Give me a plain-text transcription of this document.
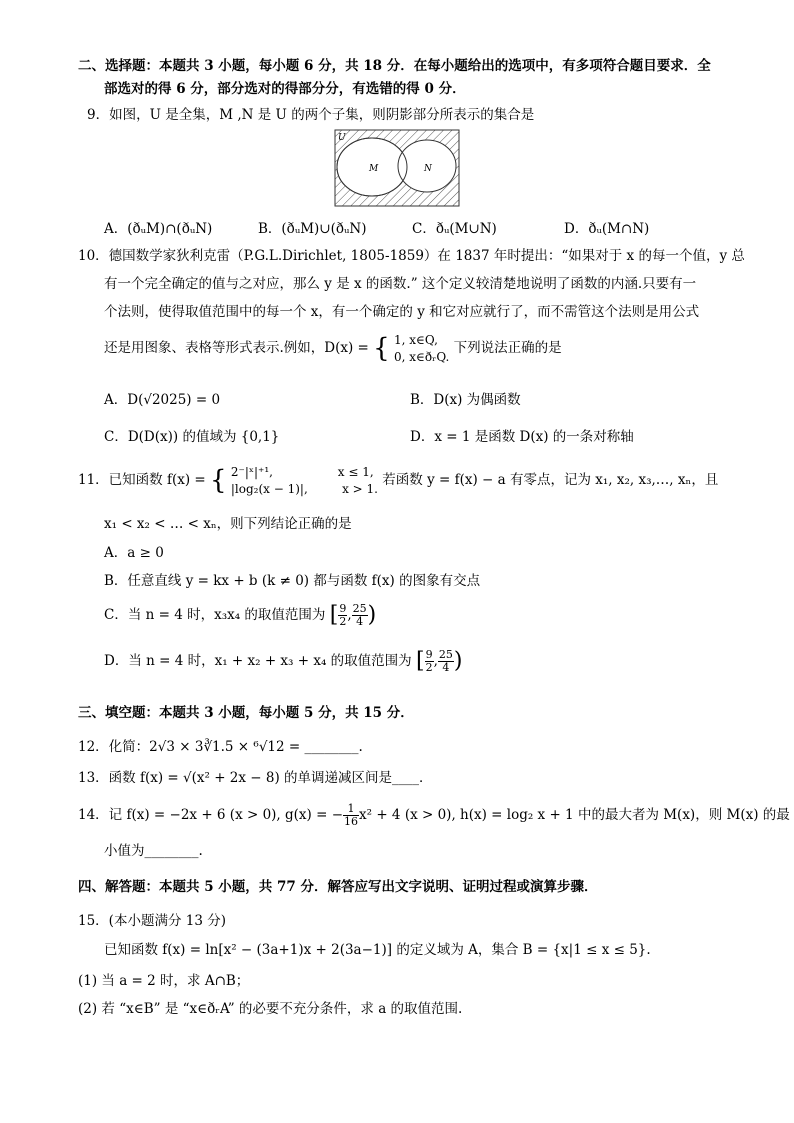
二、选择题：本题共 3 小题，每小题 6 分，共 18 分．在每小题给出的选项中，有多项符合题目要求．全
部选对的得 6 分，部分选对的得部分分，有选错的得 0 分．
9．如图，U 是全集，M ,N 是 U 的两个子集，则阴影部分所表示的集合是
U
M	N
A．(ðᵤM)∩(ðᵤN)	B．(ðᵤM)∪(ðᵤN)	C．ðᵤ(M∪N)	D．ðᵤ(M∩N)
10．德国数学家狄利克雷（P.G.L.Dirichlet, 1805-1859）在 1837 年时提出：“如果对于 x 的每一个值，y 总
有一个完全确定的值与之对应，那么 y 是 x 的函数.” 这个定义较清楚地说明了函数的内涵.只要有一
个法则，使得取值范围中的每一个 x，有一个确定的 y 和它对应就行了，而不需管这个法则是用公式
还是用图象、表格等形式表示.例如，D(x) = { 1, x∈Q,
0, x∈ðᵣQ.
下列说法正确的是
A．D(√2025) = 0	B．D(x) 为偶函数
C．D(D(x)) 的值域为 {0,1}	D．x = 1 是函数 D(x) 的一条对称轴
11．已知函数 f(x) = { 2⁻|ˣ|⁺¹,                 x ≤ 1,
|log₂(x − 1)|,         x > 1.
若函数 y = f(x) − a 有零点，记为 x₁, x₂, x₃,…, xₙ，且
x₁ < x₂ < … < xₙ，则下列结论正确的是
A．a ≥ 0
B．任意直线 y = kx + b (k ≠ 0) 都与函数 f(x) 的图象有交点
C．当 n = 4 时，x₃x₄ 的取值范围为 [ $\frac{9}{2}$ , $\frac{25}{4}$ )
D．当 n = 4 时，x₁ + x₂ + x₃ + x₄ 的取值范围为 [ $\frac{9}{2}$ , $\frac{25}{4}$ )
三、填空题：本题共 3 小题，每小题 5 分，共 15 分．
12．化简：2√3 × 3∛1.5 × ⁶√12 = ________.
13．函数 f(x) = √(x² + 2x − 8) 的单调递减区间是____．
14．记 f(x) = −2x + 6 (x > 0), g(x) = − $\frac{1}{16} x^2 + 4$ (x > 0), h(x) = log₂ x + 1 中的最大者为 M(x)，则 M(x) 的最
小值为________.
四、解答题：本题共 5 小题，共 77 分．解答应写出文字说明、证明过程或演算步骤．
15．(本小题满分 13 分)
已知函数 f(x) = ln[x² − (3a+1)x + 2(3a−1)] 的定义域为 A，集合 B = {x|1 ≤ x ≤ 5}.
(1) 当 a = 2 时，求 A∩B；
(2) 若 “x∈B” 是 “x∈ðᵣA” 的必要不充分条件，求 a 的取值范围.
